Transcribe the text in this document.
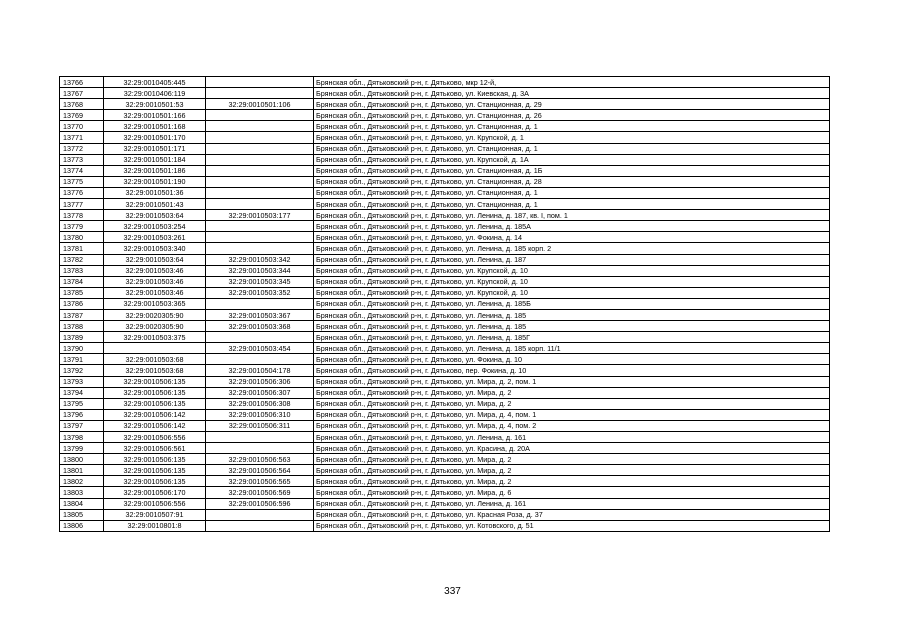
13766	32:29:0010405:445		Брянская обл., Дятьковский р-н, г. Дятьково, мкр 12-й,
13767	32:29:0010406:119		Брянская обл., Дятьковский р-н, г. Дятьково, ул. Киевская, д. 3А
13768	32:29:0010501:53	32:29:0010501:106	Брянская обл., Дятьковский р-н, г. Дятьково, ул. Станционная, д. 29
13769	32:29:0010501:166		Брянская обл., Дятьковский р-н, г. Дятьково, ул. Станционная, д. 26
13770	32:29:0010501:168		Брянская обл., Дятьковский р-н, г. Дятьково, ул. Станционная, д. 1
13771	32:29:0010501:170		Брянская обл., Дятьковский р-н, г. Дятьково, ул. Крупской, д. 1
13772	32:29:0010501:171		Брянская обл., Дятьковский р-н, г. Дятьково, ул. Станционная, д. 1
13773	32:29:0010501:184		Брянская обл., Дятьковский р-н, г. Дятьково, ул. Крупской, д. 1А
13774	32:29:0010501:186		Брянская обл., Дятьковский р-н, г. Дятьково, ул. Станционная, д. 1Б
13775	32:29:0010501:190		Брянская обл., Дятьковский р-н, г. Дятьково, ул. Станционная, д. 28
13776	32:29:0010501:36		Брянская обл., Дятьковский р-н, г. Дятьково, ул. Станционная, д. 1
13777	32:29:0010501:43		Брянская обл., Дятьковский р-н, г. Дятьково, ул. Станционная, д. 1
13778	32:29:0010503:64	32:29:0010503:177	Брянская обл., Дятьковский р-н, г. Дятьково, ул. Ленина, д. 187, кв. I, пом. 1
13779	32:29:0010503:254		Брянская обл., Дятьковский р-н, г. Дятьково, ул. Ленина, д. 185А
13780	32:29:0010503:261		Брянская обл., Дятьковский р-н, г. Дятьково, ул. Фокина, д. 14
13781	32:29:0010503:340		Брянская обл., Дятьковский р-н, г. Дятьково, ул. Ленина, д. 185 корп. 2
13782	32:29:0010503:64	32:29:0010503:342	Брянская обл., Дятьковский р-н, г. Дятьково, ул. Ленина, д. 187
13783	32:29:0010503:46	32:29:0010503:344	Брянская обл., Дятьковский р-н, г. Дятьково, ул. Крупской, д. 10
13784	32:29:0010503:46	32:29:0010503:345	Брянская обл., Дятьковский р-н, г. Дятьково, ул. Крупской, д. 10
13785	32:29:0010503:46	32:29:0010503:352	Брянская обл., Дятьковский р-н, г. Дятьково, ул. Крупской, д. 10
13786	32:29:0010503:365		Брянская обл., Дятьковский р-н, г. Дятьково, ул. Ленина, д. 185Б
13787	32:29:0020305:90	32:29:0010503:367	Брянская обл., Дятьковский р-н, г. Дятьково, ул. Ленина, д. 185
13788	32:29:0020305:90	32:29:0010503:368	Брянская обл., Дятьковский р-н, г. Дятьково, ул. Ленина, д. 185
13789	32:29:0010503:375		Брянская обл., Дятьковский р-н, г. Дятьково, ул. Ленина, д. 185Г
13790		32:29:0010503:454	Брянская обл., Дятьковский р-н, г. Дятьково, ул. Ленина, д. 185 корп. 11/1
13791	32:29:0010503:68		Брянская обл., Дятьковский р-н, г. Дятьково, ул. Фокина, д. 10
13792	32:29:0010503:68	32:29:0010504:178	Брянская обл., Дятьковский р-н, г. Дятьково, пер. Фокина, д. 10
13793	32:29:0010506:135	32:29:0010506:306	Брянская обл., Дятьковский р-н, г. Дятьково, ул. Мира, д. 2, пом. 1
13794	32:29:0010506:135	32:29:0010506:307	Брянская обл., Дятьковский р-н, г. Дятьково, ул. Мира, д. 2
13795	32:29:0010506:135	32:29:0010506:308	Брянская обл., Дятьковский р-н, г. Дятьково, ул. Мира, д. 2
13796	32:29:0010506:142	32:29:0010506:310	Брянская обл., Дятьковский р-н, г. Дятьково, ул. Мира, д. 4, пом. 1
13797	32:29:0010506:142	32:29:0010506:311	Брянская обл., Дятьковский р-н, г. Дятьково, ул. Мира, д. 4, пом. 2
13798	32:29:0010506:556		Брянская обл., Дятьковский р-н, г. Дятьково, ул. Ленина, д. 161
13799	32:29:0010506:561		Брянская обл., Дятьковский р-н, г. Дятьково, ул. Красина, д. 20А
13800	32:29:0010506:135	32:29:0010506:563	Брянская обл., Дятьковский р-н, г. Дятьково, ул. Мира, д. 2
13801	32:29:0010506:135	32:29:0010506:564	Брянская обл., Дятьковский р-н, г. Дятьково, ул. Мира, д. 2
13802	32:29:0010506:135	32:29:0010506:565	Брянская обл., Дятьковский р-н, г. Дятьково, ул. Мира, д. 2
13803	32:29:0010506:170	32:29:0010506:569	Брянская обл., Дятьковский р-н, г. Дятьково, ул. Мира, д. 6
13804	32:29:0010506:556	32:29:0010506:596	Брянская обл., Дятьковский р-н, г. Дятьково, ул. Ленина, д. 161
13805	32:29:0010507:91		Брянская обл., Дятьковский р-н, г. Дятьково, ул. Красная Роза, д. 37
13806	32:29:0010801:8		Брянская обл., Дятьковский р-н, г. Дятьково, ул. Котовского, д. 51
337
